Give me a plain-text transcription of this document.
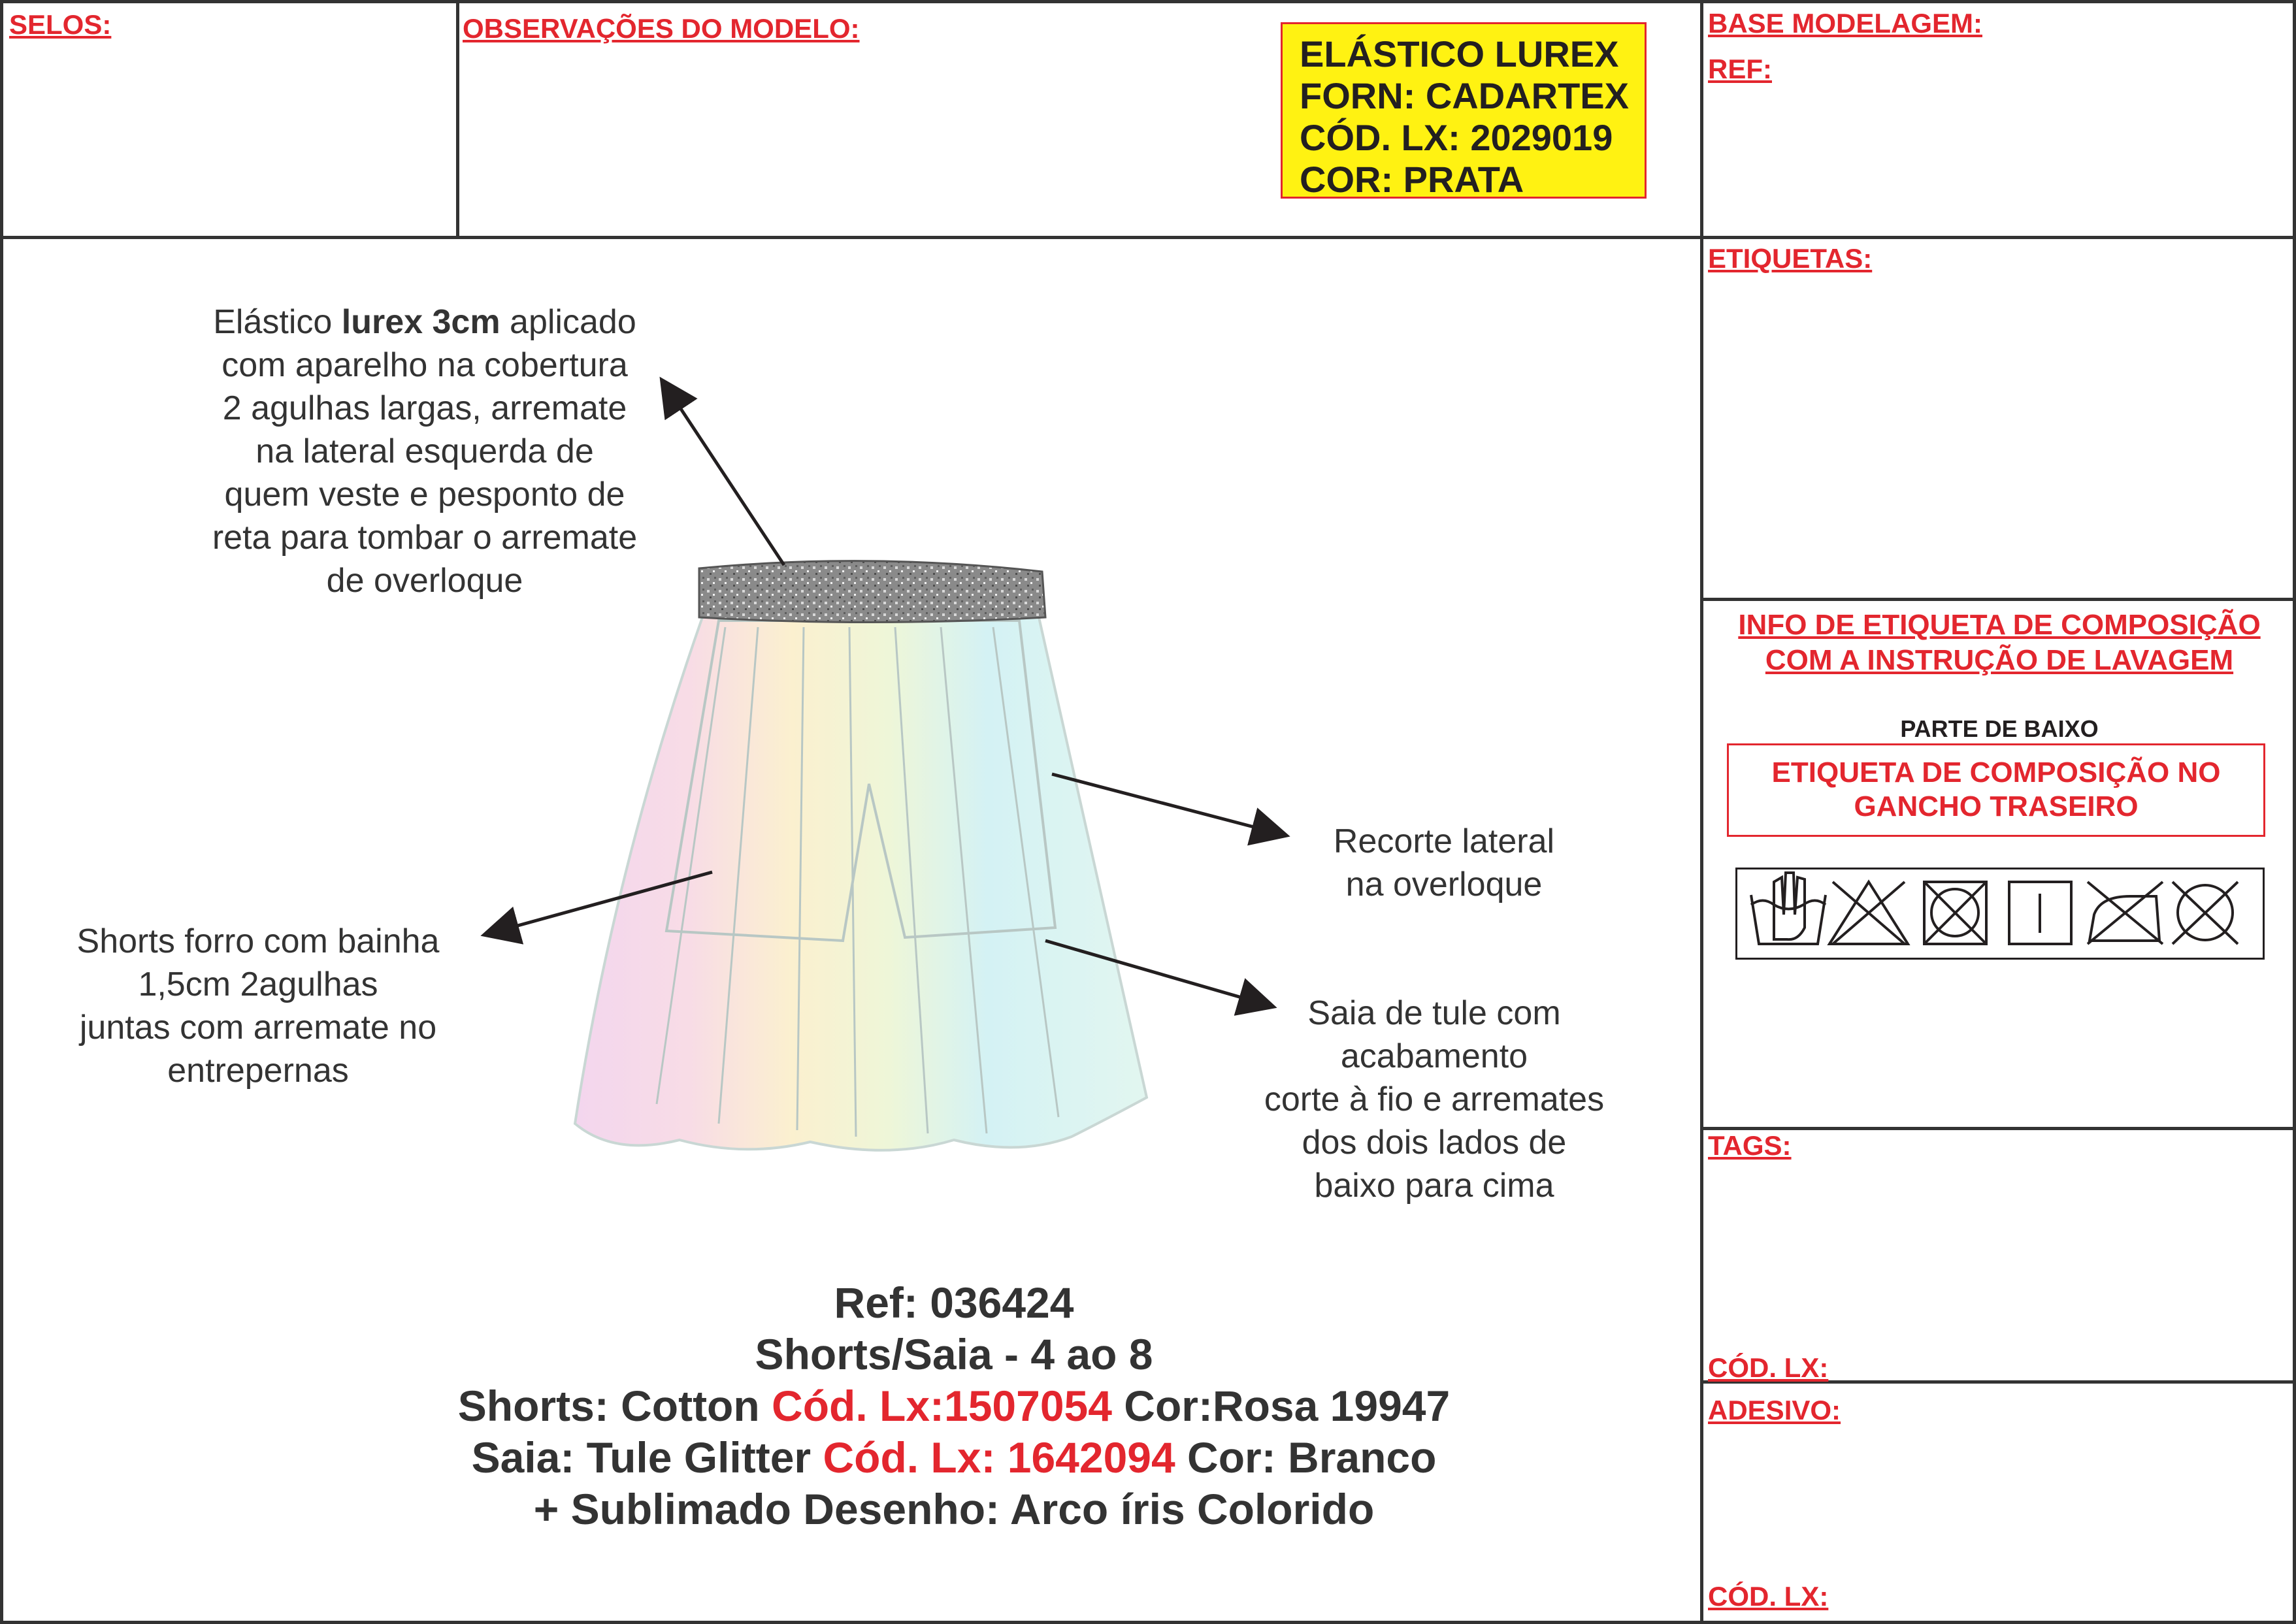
SELOS:	OBSERVAÇÕES DO MODELO:	BASE MODELAGEM:
REF:
ELÁSTICO LUREX
FORN: CADARTEX
CÓD. LX: 2029019
COR: PRATA
ETIQUETAS:
INFO DE ETIQUETA DE COMPOSIÇÃO
COM A INSTRUÇÃO DE LAVAGEM
PARTE DE BAIXO
ETIQUETA DE COMPOSIÇÃO NO
GANCHO TRASEIRO
TAGS:
CÓD. LX:
ADESIVO:
CÓD. LX:
Elástico lurex 3cm aplicado
com aparelho na cobertura
2 agulhas largas, arremate
na lateral esquerda de
quem veste e pesponto de
reta para tombar o arremate
de overloque
Recorte lateral
na overloque
Shorts forro com bainha
1,5cm 2agulhas
juntas com arremate no
entrepernas
Saia de tule com
acabamento
corte à fio e arremates
dos dois lados de
baixo para cima
Ref: 036424
Shorts/Saia - 4 ao 8
Shorts: Cotton Cód. Lx:1507054 Cor:Rosa 19947
Saia: Tule Glitter Cód. Lx: 1642094 Cor: Branco
+ Sublimado Desenho: Arco íris Colorido
